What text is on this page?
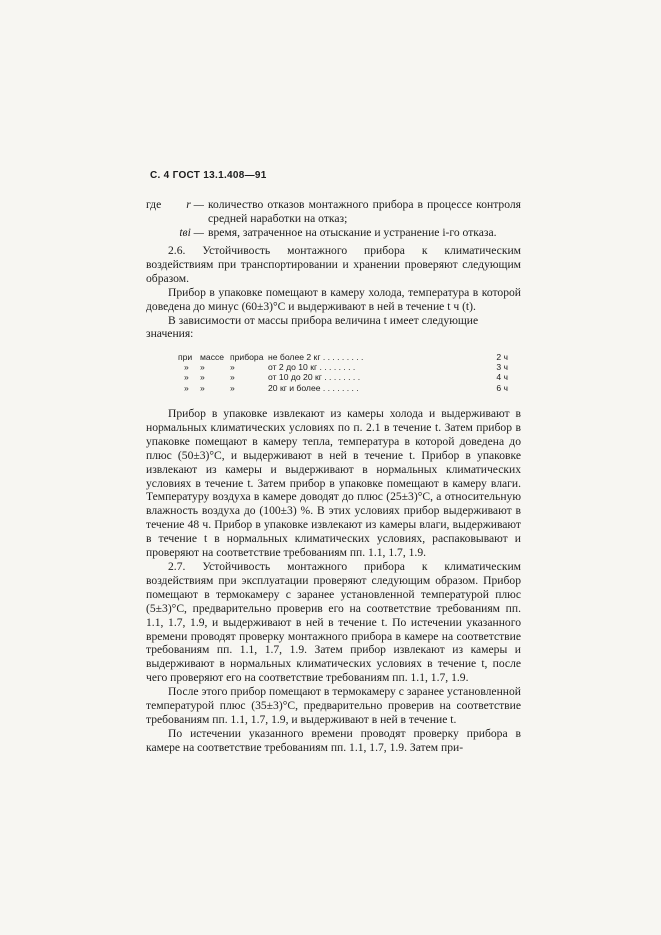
С. 4 ГОСТ 13.1.408—91
где	r — количество отказов монтажного прибора в процессе контроля средней наработки на отказ;
tвi — время, затраченное на отыскание и устранение i-го отказа.

2.6. Устойчивость монтажного прибора к климатическим воздействиям при транспортировании и хранении проверяют следующим образом.

Прибор в упаковке помещают в камеру холода, температура в которой доведена до минус (60±3)°C и выдерживают в ней в течение t ч (t).

В зависимости от массы прибора величина t имеет следующие значения:

при массе прибора не более 2 кг . . . . . . . . .	2 ч
»	»	»	от 2 до 10 кг . . . . . . . .	3 ч
»	»	»	от 10 до 20 кг . . . . . . . .	4 ч
»	»	»	20 кг и более . . . . . . . .	6 ч

Прибор в упаковке извлекают из камеры холода и выдерживают в нормальных климатических условиях по п. 2.1 в течение t. Затем прибор в упаковке помещают в камеру тепла, температура в которой доведена до плюс (50±3)°C, и выдерживают в ней в течение t. Прибор в упаковке извлекают из камеры и выдерживают в нормальных климатических условиях в течение t. Затем прибор в упаковке помещают в камеру влаги. Температуру воздуха в камере доводят до плюс (25±3)°C, а относительную влажность воздуха до (100±3) %. В этих условиях прибор выдерживают в течение 48 ч. Прибор в упаковке извлекают из камеры влаги, выдерживают в течение t в нормальных климатических условиях, распаковывают и проверяют на соответствие требованиям пп. 1.1, 1.7, 1.9.

2.7. Устойчивость монтажного прибора к климатическим воздействиям при эксплуатации проверяют следующим образом. Прибор помещают в термокамеру с заранее установленной температурой плюс (5±3)°C, предварительно проверив его на соответствие требованиям пп. 1.1, 1.7, 1.9, и выдерживают в ней в течение t. По истечении указанного времени проводят проверку монтажного прибора в камере на соответствие требованиям пп. 1.1, 1.7, 1.9. Затем прибор извлекают из камеры и выдерживают в нормальных климатических условиях в течение t, после чего проверяют его на соответствие требованиям пп. 1.1, 1.7, 1.9.

После этого прибор помещают в термокамеру с заранее установленной температурой плюс (35±3)°C, предварительно проверив на соответствие требованиям пп. 1.1, 1.7, 1.9, и выдерживают в ней в течение t.

По истечении указанного времени проводят проверку прибора в камере на соответствие требованиям пп. 1.1, 1.7, 1.9. Затем при-
